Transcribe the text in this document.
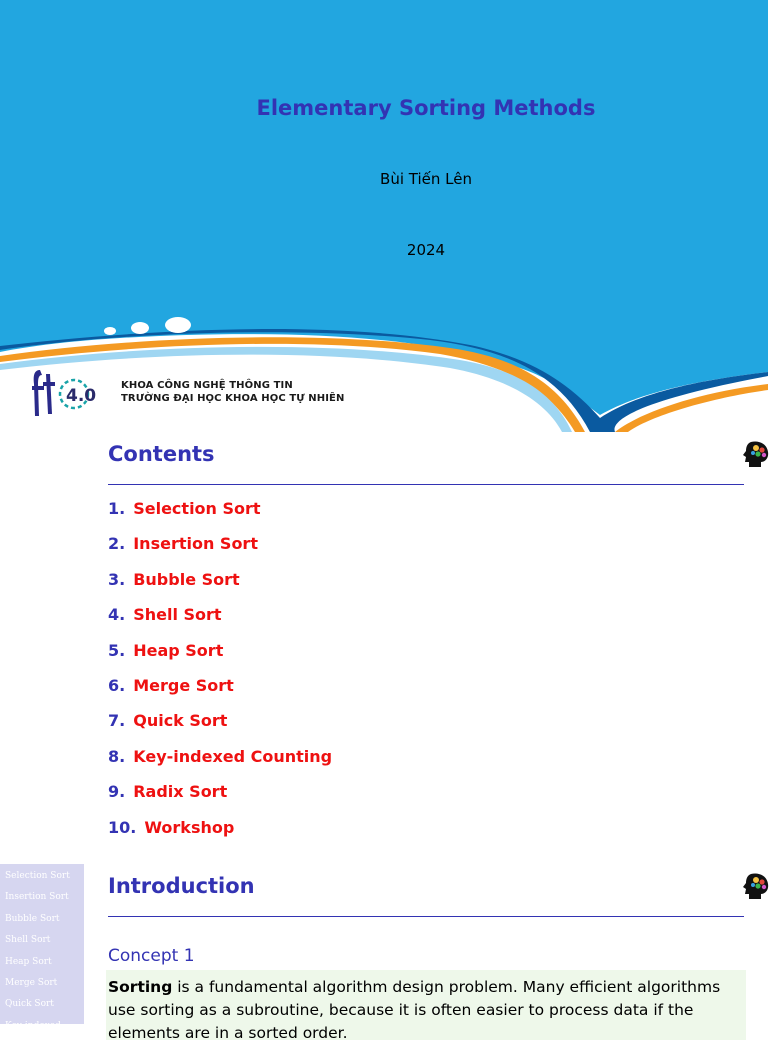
Elementary Sorting Methods
Bùi Tiến Lên
2024
4.0
KHOA CÔNG NGHỆ THÔNG TIN
TRƯỜNG ĐẠI HỌC KHOA HỌC TỰ NHIÊN
Contents
1. Selection Sort
2. Insertion Sort
3. Bubble Sort
4. Shell Sort
5. Heap Sort
6. Merge Sort
7. Quick Sort
8. Key-indexed Counting
9. Radix Sort
10. Workshop
Selection Sort
Insertion Sort
Bubble Sort
Shell Sort
Heap Sort
Merge Sort
Quick Sort
Key-indexed Counting
Introduction
Concept 1

Sorting is a fundamental algorithm design problem. Many efficient algorithms use sorting as a subroutine, because it is often easier to process data if the elements are in a sorted order.
